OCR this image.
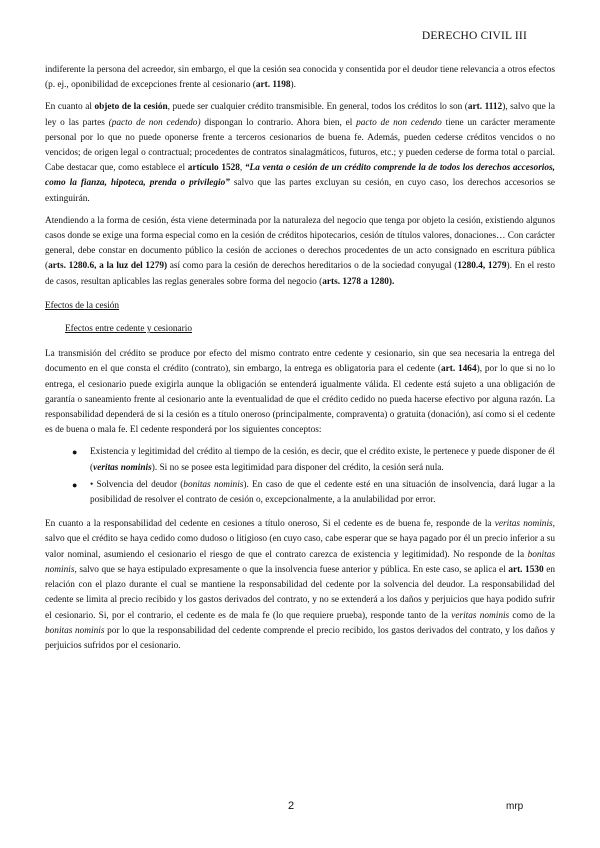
DERECHO CIVIL III

indiferente la persona del acreedor, sin embargo, el que la cesión sea conocida y consentida por el deudor tiene relevancia a otros efectos (p. ej., oponibilidad de excepciones frente al cesionario (art. 1198).

En cuanto al objeto de la cesión, puede ser cualquier crédito transmisible. En general, todos los créditos lo son (art. 1112), salvo que la ley o las partes (pacto de non cedendo) dispongan lo contrario. Ahora bien, el pacto de non cedendo tiene un carácter meramente personal por lo que no puede oponerse frente a terceros cesionarios de buena fe. Además, pueden cederse créditos vencidos o no vencidos; de origen legal o contractual; procedentes de contratos sinalagmáticos, futuros, etc.; y pueden cederse de forma total o parcial. Cabe destacar que, como establece el artículo 1528, “La venta o cesión de un crédito comprende la de todos los derechos accesorios, como la fianza, hipoteca, prenda o privilegio” salvo que las partes excluyan su cesión, en cuyo caso, los derechos accesorios se extinguirán.

Atendiendo a la forma de cesión, ésta viene determinada por la naturaleza del negocio que tenga por objeto la cesión, existiendo algunos casos donde se exige una forma especial como en la cesión de créditos hipotecarios, cesión de títulos valores, donaciones… Con carácter general, debe constar en documento público la cesión de acciones o derechos procedentes de un acto consignado en escritura pública (arts. 1280.6, a la luz del 1279) así como para la cesión de derechos hereditarios o de la sociedad conyugal (1280.4, 1279). En el resto de casos, resultan aplicables las reglas generales sobre forma del negocio (arts. 1278 a 1280).

Efectos de la cesión
Efectos entre cedente y cesionario

La transmisión del crédito se produce por efecto del mismo contrato entre cedente y cesionario, sin que sea necesaria la entrega del documento en el que consta el crédito (contrato), sin embargo, la entrega es obligatoria para el cedente (art. 1464), por lo que si no lo entrega, el cesionario puede exigirla aunque la obligación se entenderá igualmente válida. El cedente está sujeto a una obligación de garantía o saneamiento frente al cesionario ante la eventualidad de que el crédito cedido no pueda hacerse efectivo por alguna razón. La responsabilidad dependerá de si la cesión es a título oneroso (principalmente, compraventa) o gratuita (donación), así como si el cedente es de buena o mala fe. El cedente responderá por los siguientes conceptos:

● Existencia y legitimidad del crédito al tiempo de la cesión, es decir, que el crédito existe, le pertenece y puede disponer de él (veritas nominis). Si no se posee esta legitimidad para disponer del crédito, la cesión será nula.
● • Solvencia del deudor (bonitas nominis). En caso de que el cedente esté en una situación de insolvencia, dará lugar a la posibilidad de resolver el contrato de cesión o, excepcionalmente, a la anulabilidad por error.

En cuanto a la responsabilidad del cedente en cesiones a título oneroso, Si el cedente es de buena fe, responde de la veritas nominis, salvo que el crédito se haya cedido como dudoso o litigioso (en cuyo caso, cabe esperar que se haya pagado por él un precio inferior a su valor nominal, asumiendo el cesionario el riesgo de que el contrato carezca de existencia y legitimidad). No responde de la bonitas nominis, salvo que se haya estipulado expresamente o que la insolvencia fuese anterior y pública. En este caso, se aplica el art. 1530 en relación con el plazo durante el cual se mantiene la responsabilidad del cedente por la solvencia del deudor. La responsabilidad del cedente se limita al precio recibido y los gastos derivados del contrato, y no se extenderá a los daños y perjuicios que haya podido sufrir el cesionario. Si, por el contrario, el cedente es de mala fe (lo que requiere prueba), responde tanto de la veritas nominis como de la bonitas nominis por lo que la responsabilidad del cedente comprende el precio recibido, los gastos derivados del contrato, y los daños y perjuicios sufridos por el cesionario.

2	mrp
